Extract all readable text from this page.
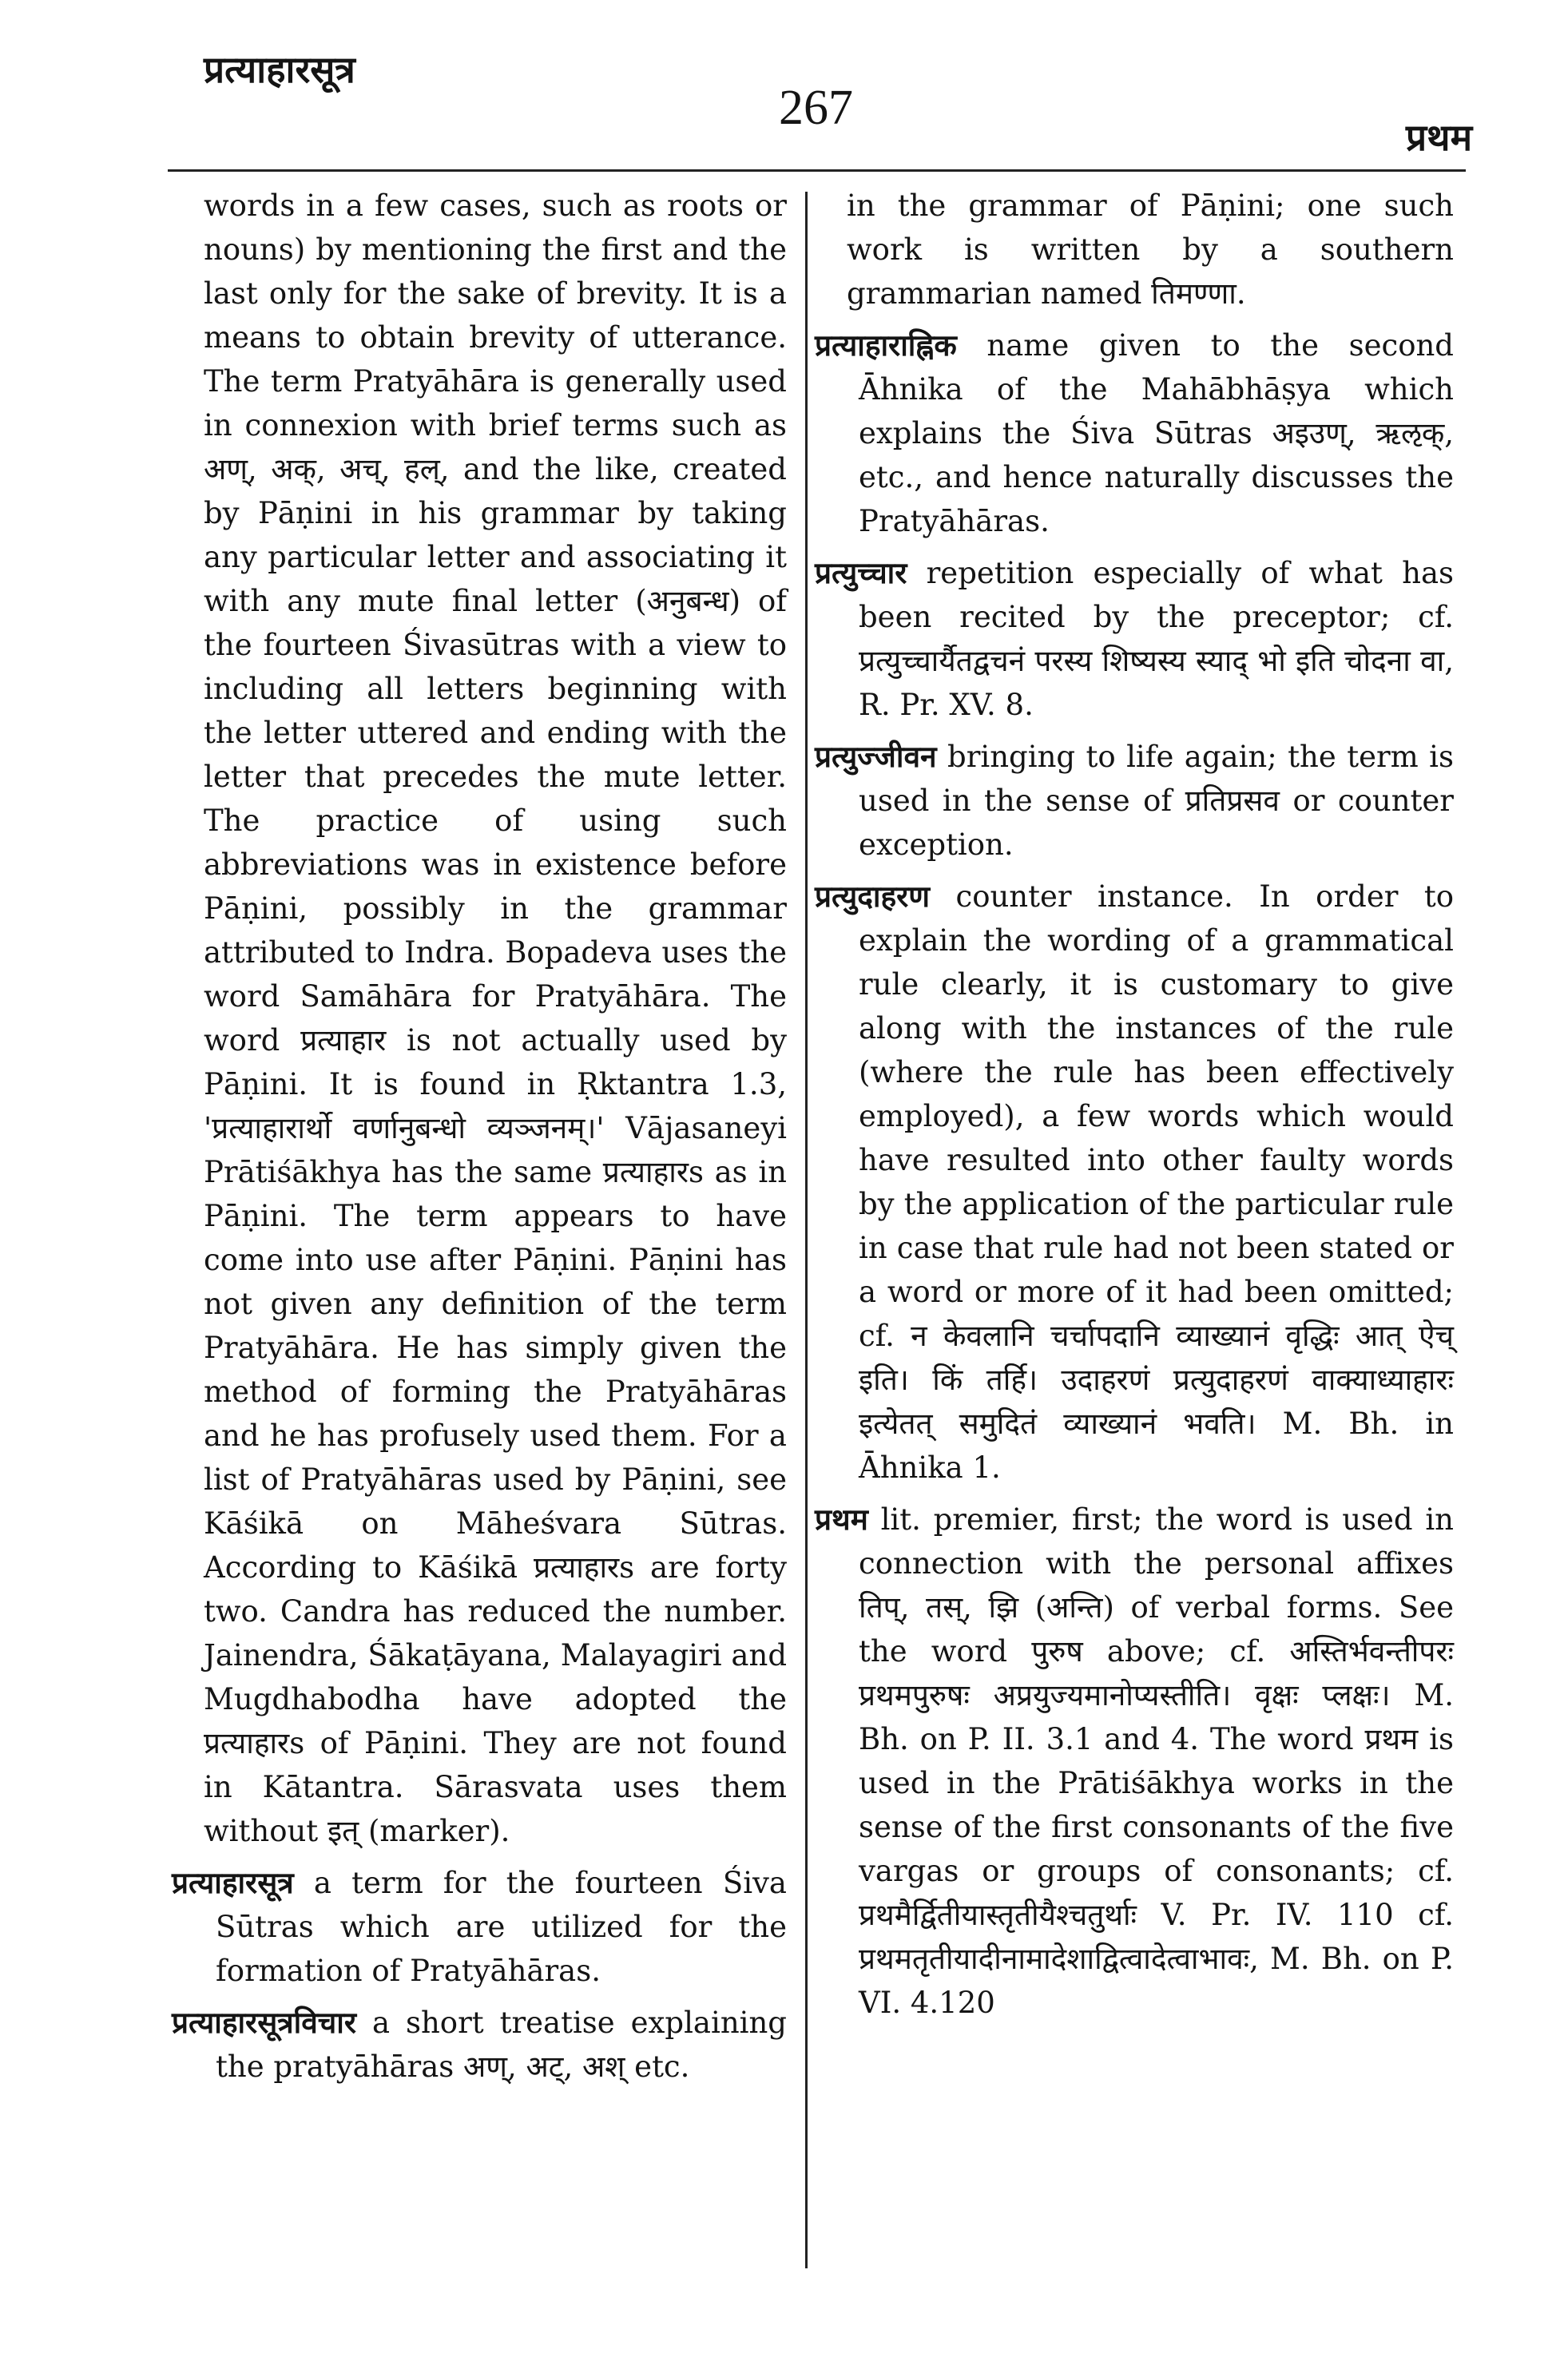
प्रत्याहारसूत्र
267
प्रथम

words in a few cases, such as roots or nouns) by mentioning the first and the last only for the sake of brevity. It is a means to obtain brevity of utterance. The term Pratyāhāra is generally used in connexion with brief terms such as अण्, अक्, अच्, हल्, and the like, created by Pāṇini in his grammar by taking any particular letter and associating it with any mute final letter (अनुबन्ध) of the fourteen Śivasūtras with a view to including all letters beginning with the letter uttered and ending with the letter that precedes the mute letter. The practice of using such abbreviations was in existence before Pāṇini, possibly in the grammar attributed to Indra. Bopadeva uses the word Samāhāra for Pratyāhāra. The word प्रत्याहार is not actually used by Pāṇini. It is found in Ṛktantra 1.3, 'प्रत्याहारार्थो वर्णानुबन्धो व्यञ्जनम्।' Vājasaneyi Prātiśākhya has the same प्रत्याहारs as in Pāṇini. The term appears to have come into use after Pāṇini. Pāṇini has not given any definition of the term Pratyāhāra. He has simply given the method of forming the Pratyāhāras and he has profusely used them. For a list of Pratyāhāras used by Pāṇini, see Kāśikā on Māheśvara Sūtras. According to Kāśikā प्रत्याहारs are forty two. Candra has reduced the number. Jainendra, Śākaṭāyana, Malayagiri and Mugdhabodha have adopted the प्रत्याहारs of Pāṇini. They are not found in Kātantra. Sārasvata uses them without इत् (marker).

प्रत्याहारसूत्र a term for the fourteen Śiva Sūtras which are utilized for the formation of Pratyāhāras.

प्रत्याहारसूत्रविचार a short treatise explaining the pratyāhāras अण्, अट्, अश् etc.

in the grammar of Pāṇini; one such work is written by a southern grammarian named तिमण्णा.

प्रत्याहाराह्निक name given to the second Āhnika of the Mahābhāṣya which explains the Śiva Sūtras अइउण्, ऋऌक्, etc., and hence naturally discusses the Pratyāhāras.

प्रत्युच्चार repetition especially of what has been recited by the preceptor; cf. प्रत्युच्चार्यैतद्वचनं परस्य शिष्यस्य स्याद् भो इति चोदना वा, R. Pr. XV. 8.

प्रत्युज्जीवन bringing to life again; the term is used in the sense of प्रतिप्रसव or counter exception.

प्रत्युदाहरण counter instance. In order to explain the wording of a grammatical rule clearly, it is customary to give along with the instances of the rule (where the rule has been effectively employed), a few words which would have resulted into other faulty words by the application of the particular rule in case that rule had not been stated or a word or more of it had been omitted; cf. न केवलानि चर्चापदानि व्याख्यानं वृद्धिः आत् ऐच् इति। किं तर्हि। उदाहरणं प्रत्युदाहरणं वाक्याध्याहारः इत्येतत् समुदितं व्याख्यानं भवति। M. Bh. in Āhnika 1.

प्रथम lit. premier, first; the word is used in connection with the personal affixes तिप्, तस्, झि (अन्ति) of verbal forms. See the word पुरुष above; cf. अस्तिर्भवन्तीपरः प्रथमपुरुषः अप्रयुज्यमानोप्यस्तीति। वृक्षः प्लक्षः। M. Bh. on P. II. 3.1 and 4. The word प्रथम is used in the Prātiśākhya works in the sense of the first consonants of the five vargas or groups of consonants; cf. प्रथमैर्द्वितीयास्तृतीयैश्चतुर्थाः V. Pr. IV. 110 cf. प्रथमतृतीयादीनामादेशाद्वित्वादेत्वाभावः, M. Bh. on P. VI. 4.120
